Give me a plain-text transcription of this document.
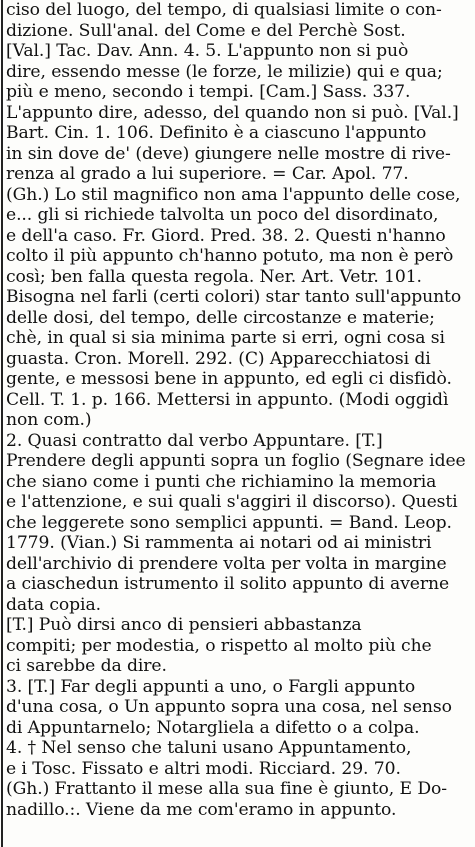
ciso del luogo, del tempo, di qualsiasi limite o con-
dizione. Sull'anal. del Come e del Perchè Sost.
[Val.] Tac. Dav. Ann. 4. 5. L'appunto non si può
dire, essendo messe (le forze, le milizie) qui e qua;
più e meno, secondo i tempi. [Cam.] Sass. 337.
L'appunto dire, adesso, del quando non si può. [Val.]
Bart. Cin. 1. 106. Definito è a ciascuno l'appunto
in sin dove de' (deve) giungere nelle mostre di rive-
renza al grado a lui superiore. = Car. Apol. 77.
(Gh.) Lo stil magnifico non ama l'appunto delle cose,
e... gli si richiede talvolta un poco del disordinato,
e dell'a caso. Fr. Giord. Pred. 38. 2. Questi n'hanno
colto il più appunto ch'hanno potuto, ma non è però
così; ben falla questa regola. Ner. Art. Vetr. 101.
Bisogna nel farli (certi colori) star tanto sull'appunto
delle dosi, del tempo, delle circostanze e materie;
chè, in qual si sia minima parte si erri, ogni cosa si
guasta. Cron. Morell. 292. (C) Apparecchiatosi di
gente, e messosi bene in appunto, ed egli ci disfidò.
Cell. T. 1. p. 166. Mettersi in appunto. (Modi oggidì
non com.)
2. Quasi contratto dal verbo Appuntare. [T.]
Prendere degli appunti sopra un foglio (Segnare idee
che siano come i punti che richiamino la memoria
e l'attenzione, e sui quali s'aggiri il discorso). Questi
che leggerete sono semplici appunti. = Band. Leop.
1779. (Vian.) Si rammenta ai notari od ai ministri
dell'archivio di prendere volta per volta in margine
a ciaschedun istrumento il solito appunto di averne
data copia.
[T.] Può dirsi anco di pensieri abbastanza
compiti; per modestia, o rispetto al molto più che
ci sarebbe da dire.
3. [T.] Far degli appunti a uno, o Fargli appunto
d'una cosa, o Un appunto sopra una cosa, nel senso
di Appuntarnelo; Notargliela a difetto o a colpa.
4. † Nel senso che taluni usano Appuntamento,
e i Tosc. Fissato e altri modi. Ricciard. 29. 70.
(Gh.) Frattanto il mese alla sua fine è giunto, E Do-
nadillo.:. Viene da me com'eramo in appunto.
